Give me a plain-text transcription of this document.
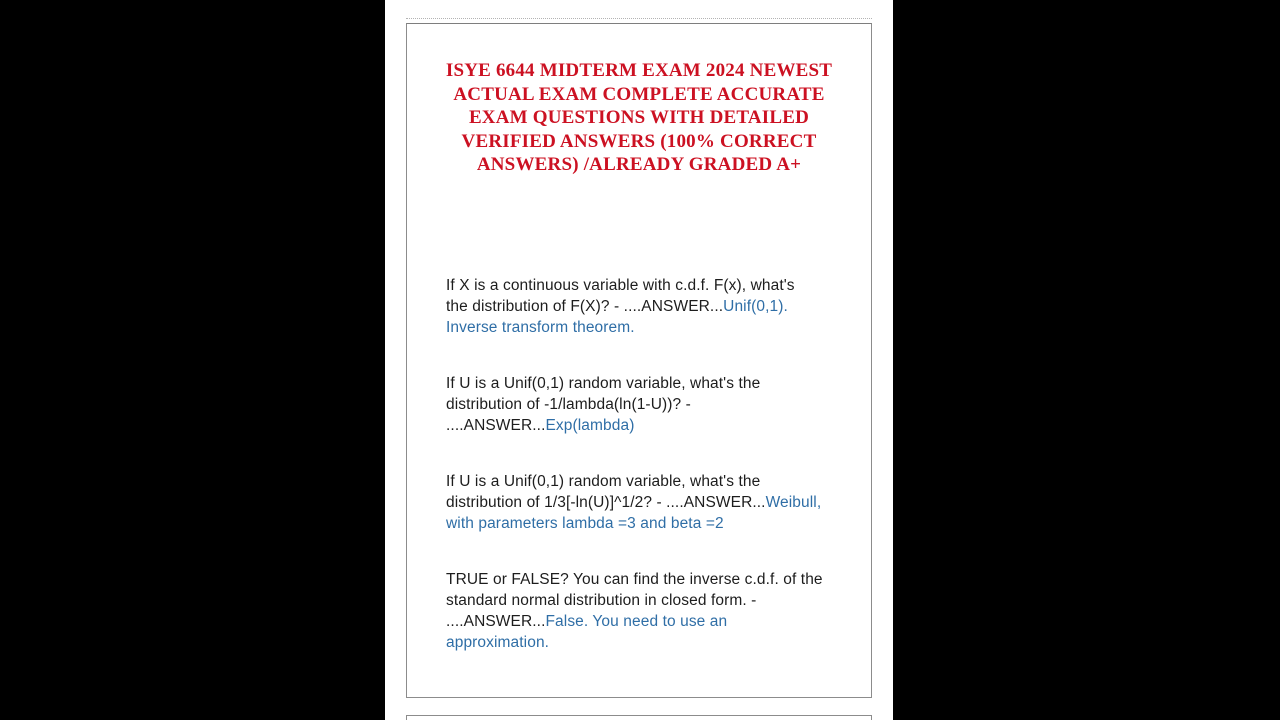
ISYE 6644 MIDTERM EXAM 2024 NEWEST
ACTUAL EXAM COMPLETE ACCURATE
EXAM QUESTIONS WITH DETAILED
VERIFIED ANSWERS (100% CORRECT
ANSWERS) /ALREADY GRADED A+
If X is a continuous variable with c.d.f. F(x), what's
the distribution of F(X)? - ....ANSWER...Unif(0,1).
Inverse transform theorem.
If U is a Unif(0,1) random variable, what's the
distribution of -1/lambda(ln(1-U))? -
....ANSWER...Exp(lambda)
If U is a Unif(0,1) random variable, what's the
distribution of 1/3[-ln(U)]^1/2? - ....ANSWER...Weibull,
with parameters lambda =3 and beta =2
TRUE or FALSE? You can find the inverse c.d.f. of the
standard normal distribution in closed form. -
....ANSWER...False. You need to use an
approximation.
